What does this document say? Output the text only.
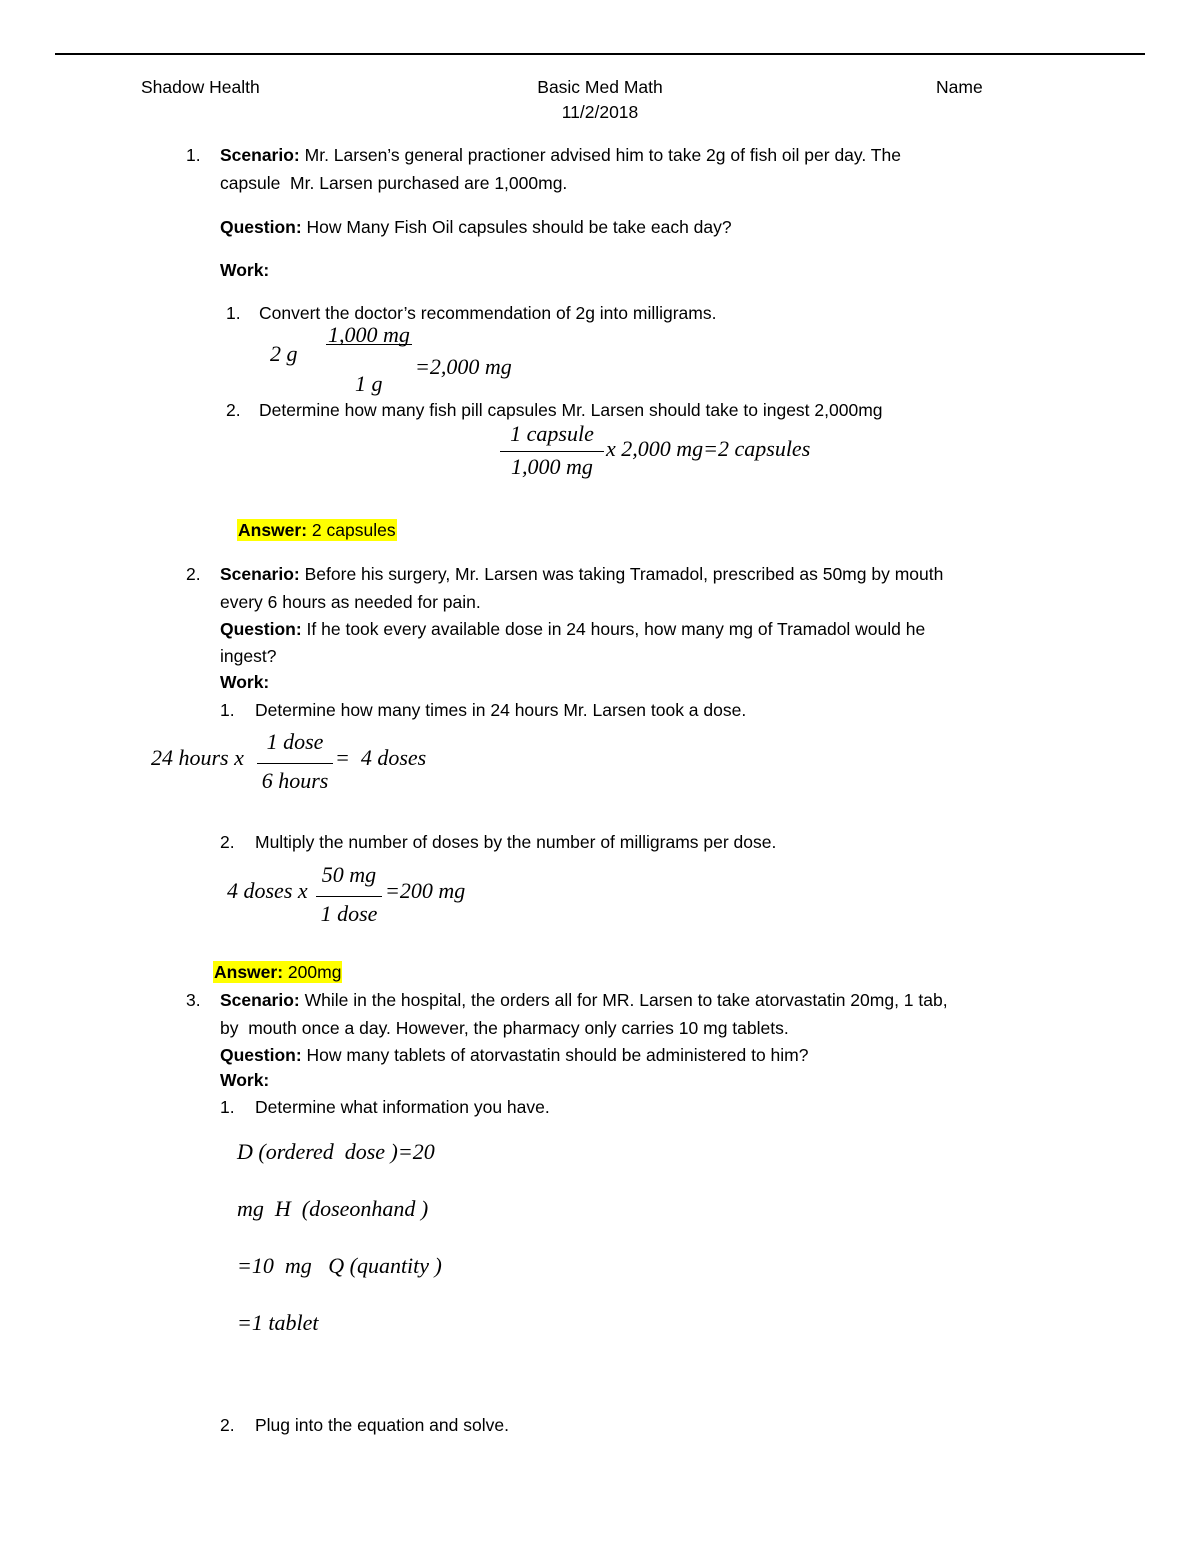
Shadow Health	Basic Med Math	Name
11/2/2018
1. Scenario: Mr. Larsen’s general practioner advised him to take 2g of fish oil per day. The
capsule  Mr. Larsen purchased are 1,000mg.
Question: How Many Fish Oil capsules should be take each day?
Work:
1. Convert the doctor’s recommendation of 2g into milligrams.
2 g
1,000 mg
=2,000 mg
1 g
2. Determine how many fish pill capsules Mr. Larsen should take to ingest 2,000mg
1 capsule
1,000 mg
x 2,000 mg=2 capsules
Answer: 2 capsules
2. Scenario: Before his surgery, Mr. Larsen was taking Tramadol, prescribed as 50mg by mouth
every 6 hours as needed for pain.
Question: If he took every available dose in 24 hours, how many mg of Tramadol would he
ingest?
Work:
1. Determine how many times in 24 hours Mr. Larsen took a dose.
24 hours x
1 dose
6 hours
=  4 doses
2. Multiply the number of doses by the number of milligrams per dose.
4 doses x
50 mg
1 dose
=200 mg
Answer: 200mg
3. Scenario: While in the hospital, the orders all for MR. Larsen to take atorvastatin 20mg, 1 tab,
by  mouth once a day. However, the pharmacy only carries 10 mg tablets.
Question: How many tablets of atorvastatin should be administered to him?
Work:
1. Determine what information you have.
D (ordered  dose )=20
mg  H  (doseonhand )
=10  mg   Q (quantity )
=1 tablet
2. Plug into the equation and solve.
